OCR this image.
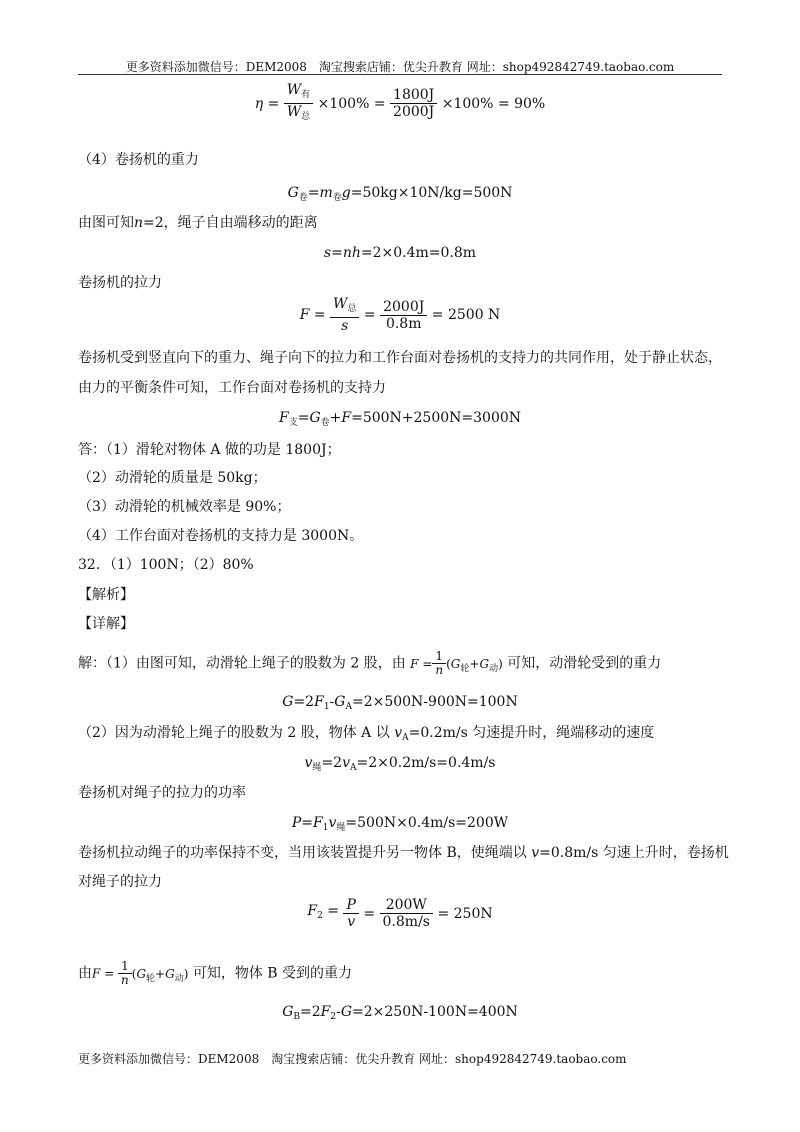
更多资料添加微信号：DEM2008　淘宝搜索店铺：优尖升教育 网址：shop492842749.taobao.com
$\eta = \frac{W_有}{W_总} \times 100\% = \frac{1800J}{2000J} \times 100\% = 90\%$
（4）卷扬机的重力
$G_卷=m_卷g=50kg\times 10N/kg=500N$
由图可知n=2，绳子自由端移动的距离
s=nh=2×0.4m=0.8m
卷扬机的拉力
$F = \frac{W_总}{s} = \frac{2000J}{0.8m} = 2500$ N
卷扬机受到竖直向下的重力、绳子向下的拉力和工作台面对卷扬机的支持力的共同作用，处于静止状态，
由力的平衡条件可知，工作台面对卷扬机的支持力
$F_支=G_卷+F=500N+2500N=3000N$
答：（1）滑轮对物体 A 做的功是 1800J；
（2）动滑轮的质量是 50kg；
（3）动滑轮的机械效率是 90%；
（4）工作台面对卷扬机的支持力是 3000N。
32．（1）100N；（2）80%
【解析】
【详解】
解：（1）由图可知，动滑轮上绳子的股数为 2 股，由 $F = \frac{1}{n} (G_轮+G_动)$ 可知，动滑轮受到的重力
$G=2F_1-G_A=2\times 500N-900N=100N$
（2）因为动滑轮上绳子的股数为 2 股，物体 A 以 $v_A=0.2m/s$ 匀速提升时，绳端移动的速度
$v_绳=2v_A=2\times 0.2m/s=0.4m/s$
卷扬机对绳子的拉力的功率
$P=F_1v_绳=500N\times 0.4m/s=200W$
卷扬机拉动绳子的功率保持不变，当用该装置提升另一物体 B，使绳端以 v=0.8m/s 匀速上升时，卷扬机
对绳子的拉力
$F_2 = \frac{P}{v} = \frac{200W}{0.8m/s} = 250N$
由$F = \frac{1}{n} (G_轮+G_动)$ 可知，物体 B 受到的重力
$G_B=2F_2-G=2\times 250N-100N=400N$
更多资料添加微信号：DEM2008　淘宝搜索店铺：优尖升教育 网址：shop492842749.taobao.com
